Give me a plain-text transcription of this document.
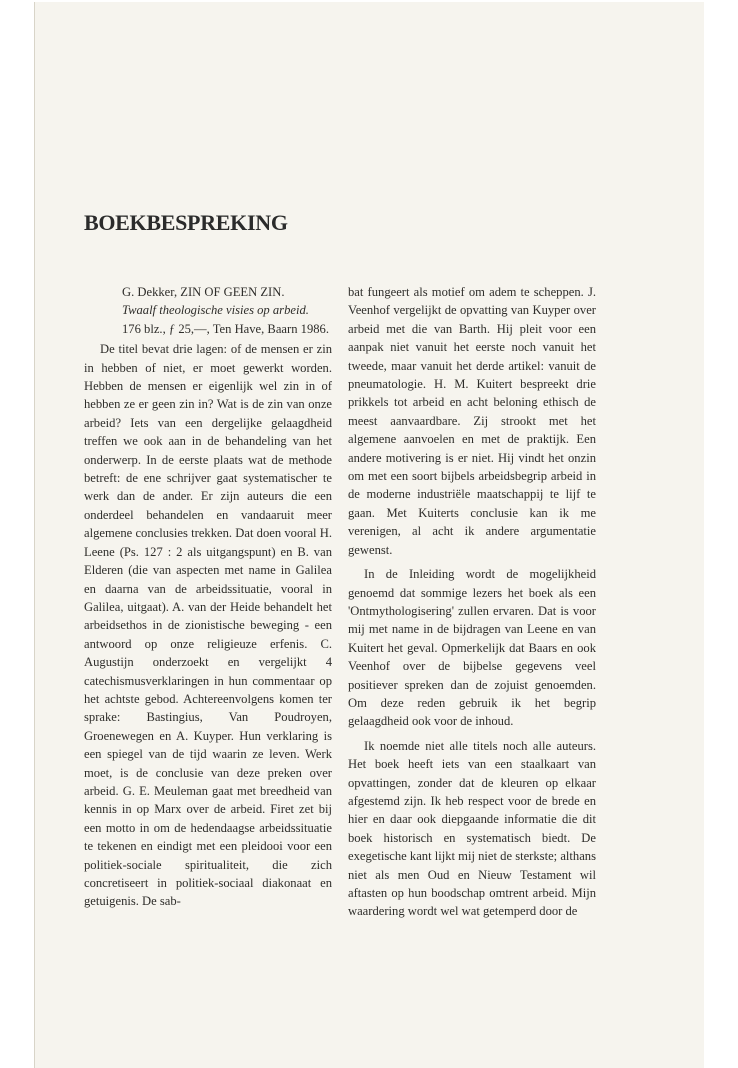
BOEKBESPREKING
G. Dekker, ZIN OF GEEN ZIN.
Twaalf theologische visies op arbeid.
176 blz., ƒ 25,—, Ten Have, Baarn 1986.

De titel bevat drie lagen: of de mensen er zin in hebben of niet, er moet gewerkt worden. Hebben de mensen er eigenlijk wel zin in of hebben ze er geen zin in? Wat is de zin van onze arbeid? Iets van een dergelijke gelaagdheid treffen we ook aan in de behandeling van het onderwerp. In de eerste plaats wat de methode betreft: de ene schrijver gaat systematischer te werk dan de ander. Er zijn auteurs die een onderdeel behandelen en vandaaruit meer algemene conclusies trekken. Dat doen vooral H. Leene (Ps. 127 : 2 als uitgangspunt) en B. van Elderen (die van aspecten met name in Galilea en daarna van de arbeidssituatie, vooral in Galilea, uitgaat). A. van der Heide behandelt het arbeidsethos in de zionistische beweging - een antwoord op onze religieuze erfenis. C. Augustijn onderzoekt en vergelijkt 4 catechismusverklaringen in hun commentaar op het achtste gebod. Achtereenvolgens komen ter sprake: Bastingius, Van Poudroyen, Groenewegen en A. Kuyper. Hun verklaring is een spiegel van de tijd waarin ze leven. Werk moet, is de conclusie van deze preken over arbeid. G. E. Meuleman gaat met breedheid van kennis in op Marx over de arbeid. Firet zet bij een motto in om de hedendaagse arbeidssituatie te tekenen en eindigt met een pleidooi voor een politiek-sociale spiritualiteit, die zich concretiseert in politiek-sociaal diakonaat en getuigenis. De sab-

bat fungeert als motief om adem te scheppen. J. Veenhof vergelijkt de opvatting van Kuyper over arbeid met die van Barth. Hij pleit voor een aanpak niet vanuit het eerste noch vanuit het tweede, maar vanuit het derde artikel: vanuit de pneumatologie. H. M. Kuitert bespreekt drie prikkels tot arbeid en acht beloning ethisch de meest aanvaardbare. Zij strookt met het algemene aanvoelen en met de praktijk. Een andere motivering is er niet. Hij vindt het onzin om met een soort bijbels arbeidsbegrip arbeid in de moderne industriële maatschappij te lijf te gaan. Met Kuiterts conclusie kan ik me verenigen, al acht ik andere argumentatie gewenst.

In de Inleiding wordt de mogelijkheid genoemd dat sommige lezers het boek als een 'Ontmythologisering' zullen ervaren. Dat is voor mij met name in de bijdragen van Leene en van Kuitert het geval. Opmerkelijk dat Baars en ook Veenhof over de bijbelse gegevens veel positiever spreken dan de zojuist genoemden. Om deze reden gebruik ik het begrip gelaagdheid ook voor de inhoud.

Ik noemde niet alle titels noch alle auteurs. Het boek heeft iets van een staalkaart van opvattingen, zonder dat de kleuren op elkaar afgestemd zijn. Ik heb respect voor de brede en hier en daar ook diepgaande informatie die dit boek historisch en systematisch biedt. De exegetische kant lijkt mij niet de sterkste; althans niet als men Oud en Nieuw Testament wil aftasten op hun boodschap omtrent arbeid. Mijn waardering wordt wel wat getemperd door de
